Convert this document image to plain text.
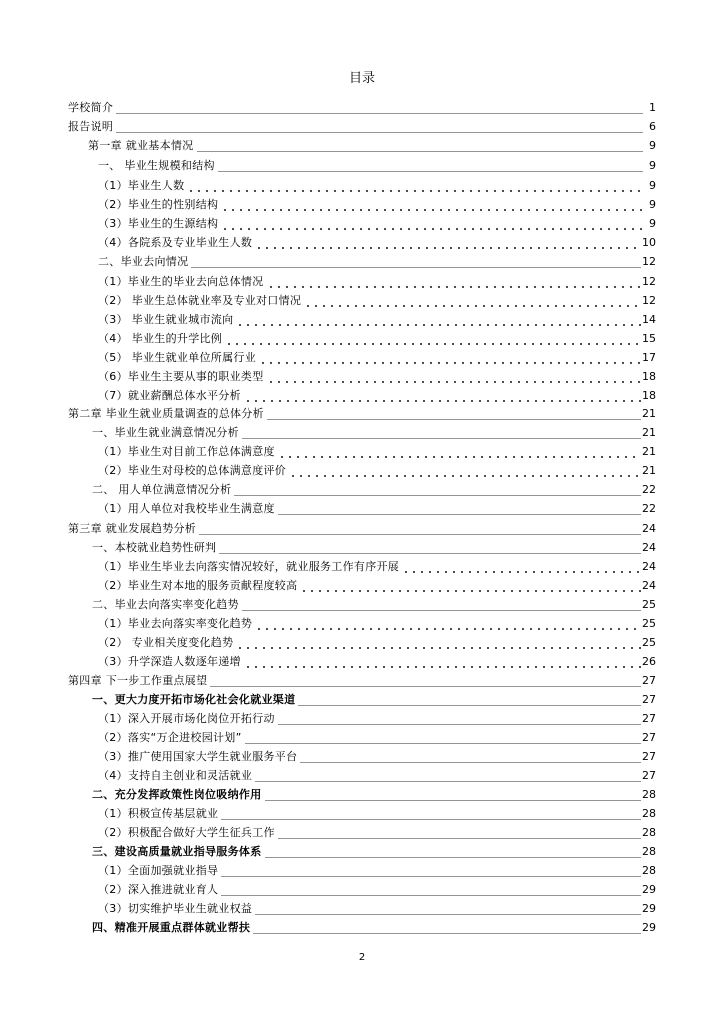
目录
学校简介	1
报告说明	6
第一章 就业基本情况	9
一、 毕业生规模和结构	9
（1）毕业生人数	9
（2）毕业生的性别结构	9
（3）毕业生的生源结构	9
（4）各院系及专业毕业生人数	10
二、毕业去向情况	12
（1）毕业生的毕业去向总体情况	12
（2） 毕业生总体就业率及专业对口情况	12
（3） 毕业生就业城市流向	14
（4） 毕业生的升学比例	15
（5） 毕业生就业单位所属行业	17
（6）毕业生主要从事的职业类型	18
（7）就业薪酬总体水平分析	18
第二章 毕业生就业质量调查的总体分析	21
一、毕业生就业满意情况分析	21
（1）毕业生对目前工作总体满意度	21
（2）毕业生对母校的总体满意度评价	21
二、 用人单位满意情况分析	22
（1）用人单位对我校毕业生满意度	22
第三章 就业发展趋势分析	24
一、本校就业趋势性研判	24
（1）毕业生毕业去向落实情况较好，就业服务工作有序开展	24
（2）毕业生对本地的服务贡献程度较高	24
二、毕业去向落实率变化趋势	25
（1）毕业去向落实率变化趋势	25
（2） 专业相关度变化趋势	25
（3）升学深造人数逐年递增	26
第四章 下一步工作重点展望	27
一、更大力度开拓市场化社会化就业渠道	27
（1）深入开展市场化岗位开拓行动	27
（2）落实“万企进校园计划”	27
（3）推广使用国家大学生就业服务平台	27
（4）支持自主创业和灵活就业	27
二、充分发挥政策性岗位吸纳作用	28
（1）积极宣传基层就业	28
（2）积极配合做好大学生征兵工作	28
三、建设高质量就业指导服务体系	28
（1）全面加强就业指导	28
（2）深入推进就业育人	29
（3）切实维护毕业生就业权益	29
四、精准开展重点群体就业帮扶	29
2
